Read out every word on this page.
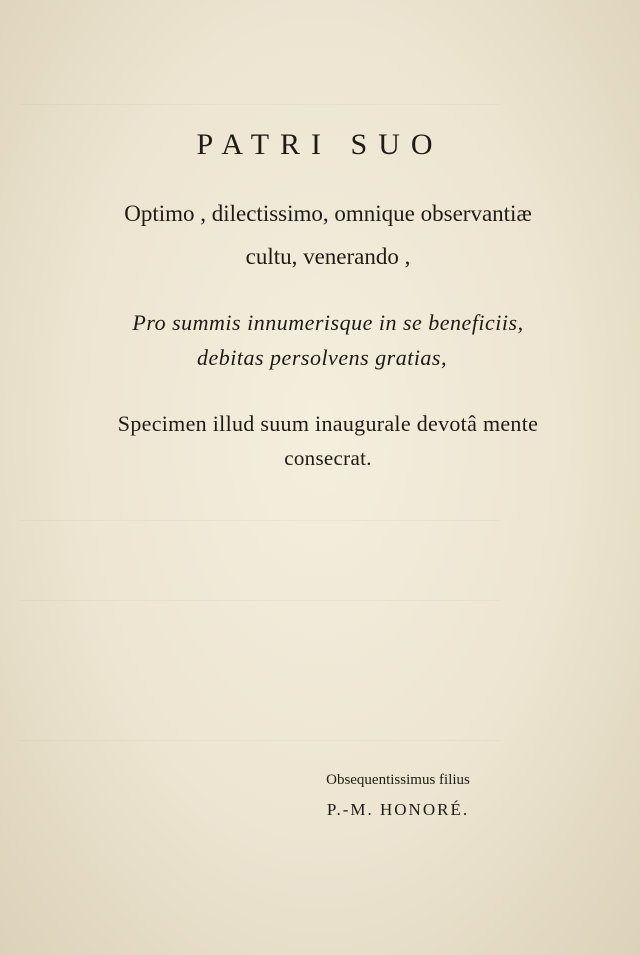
PATRI SUO
Optimo , dilectissimo, omnique observantiæ
cultu, venerando ,
Pro summis innumerisque in se beneficiis,
debitas persolvens gratias,
Specimen illud suum inaugurale devotâ mente
consecrat.
Obsequentissimus filius
P.-M. HONORÉ.
